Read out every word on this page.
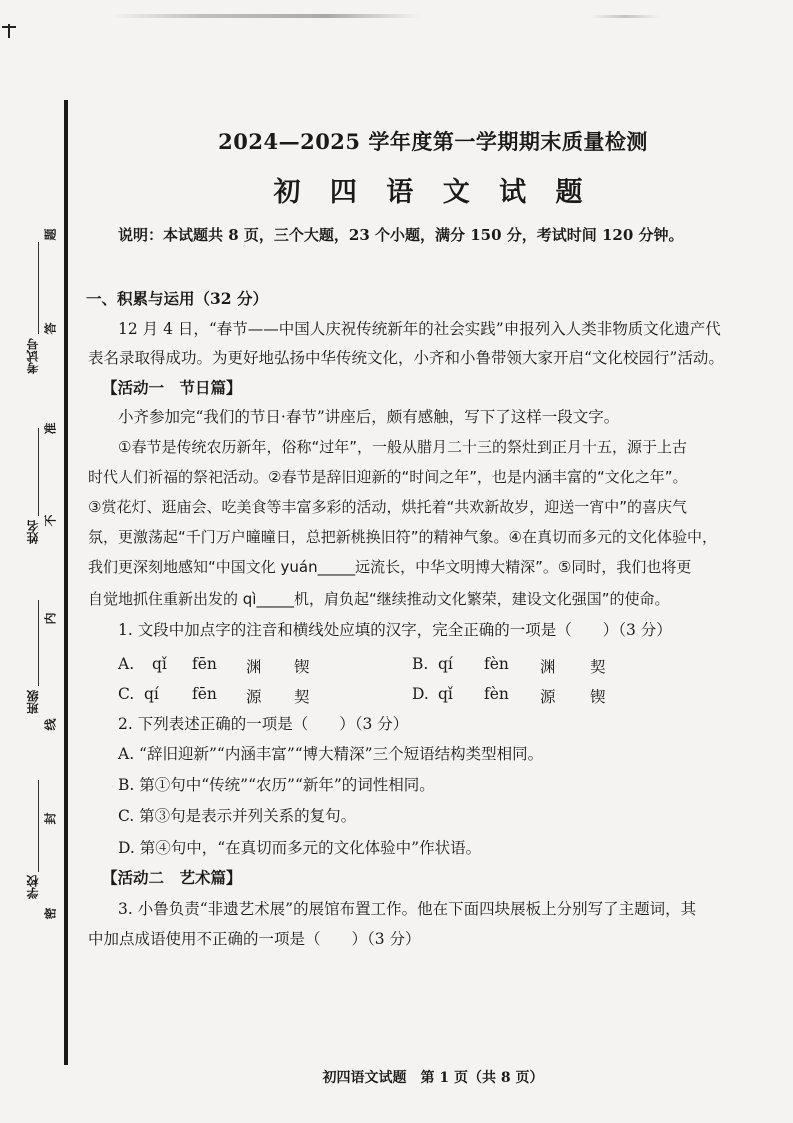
考试号
姓名
班级
学校
题
答
准
不
内
线
封
密
2024—2025 学年度第一学期期末质量检测
初 四 语 文 试 题
说明：本试题共 8 页，三个大题，23 个小题，满分 150 分，考试时间 120 分钟。
一、积累与运用（32 分）
12 月 4 日，“春节——中国人庆祝传统新年的社会实践”申报列入人类非物质文化遗产代
表名录取得成功。为更好地弘扬中华传统文化，小齐和小鲁带领大家开启“文化校园行”活动。
【活动一　节日篇】
小齐参加完“我们的节日·春节”讲座后，颇有感触，写下了这样一段文字。
①春节是传统农历新年，俗称“过年”，一般从腊月二十三的祭灶到正月十五，源于上古
时代人们祈福的祭祀活动。②春节是辞旧迎新的“时间之年”，也是内涵丰富的“文化之年”。
③赏花灯、逛庙会、吃美食等丰富多彩的活动，烘托着“共欢新故岁，迎送一宵中”的喜庆气
氛，更激荡起“千门万户曈曈日，总把新桃换旧符”的精神气象。④在真切而多元的文化体验中，
我们更深刻地感知“中国文化 yuán_____远流长，中华文明博大精深”。⑤同时，我们也将更
自觉地抓住重新出发的 qì_____机，肩负起“继续推动文化繁荣，建设文化强国”的使命。
1. 文段中加点字的注音和横线处应填的汉字，完全正确的一项是（　　）（3 分）
A. qǐ fēn 渊 锲	B. qí fèn 渊 契
C. qí fēn 源 契	D. qǐ fèn 源 锲
2. 下列表述正确的一项是（　　）（3 分）
A. “辞旧迎新”“内涵丰富”“博大精深”三个短语结构类型相同。
B. 第①句中“传统”“农历”“新年”的词性相同。
C. 第③句是表示并列关系的复句。
D. 第④句中，“在真切而多元的文化体验中”作状语。
【活动二　艺术篇】
3. 小鲁负责“非遗艺术展”的展馆布置工作。他在下面四块展板上分别写了主题词，其
中加点成语使用不正确的一项是（　　）（3 分）
初四语文试题　第 1 页（共 8 页）
